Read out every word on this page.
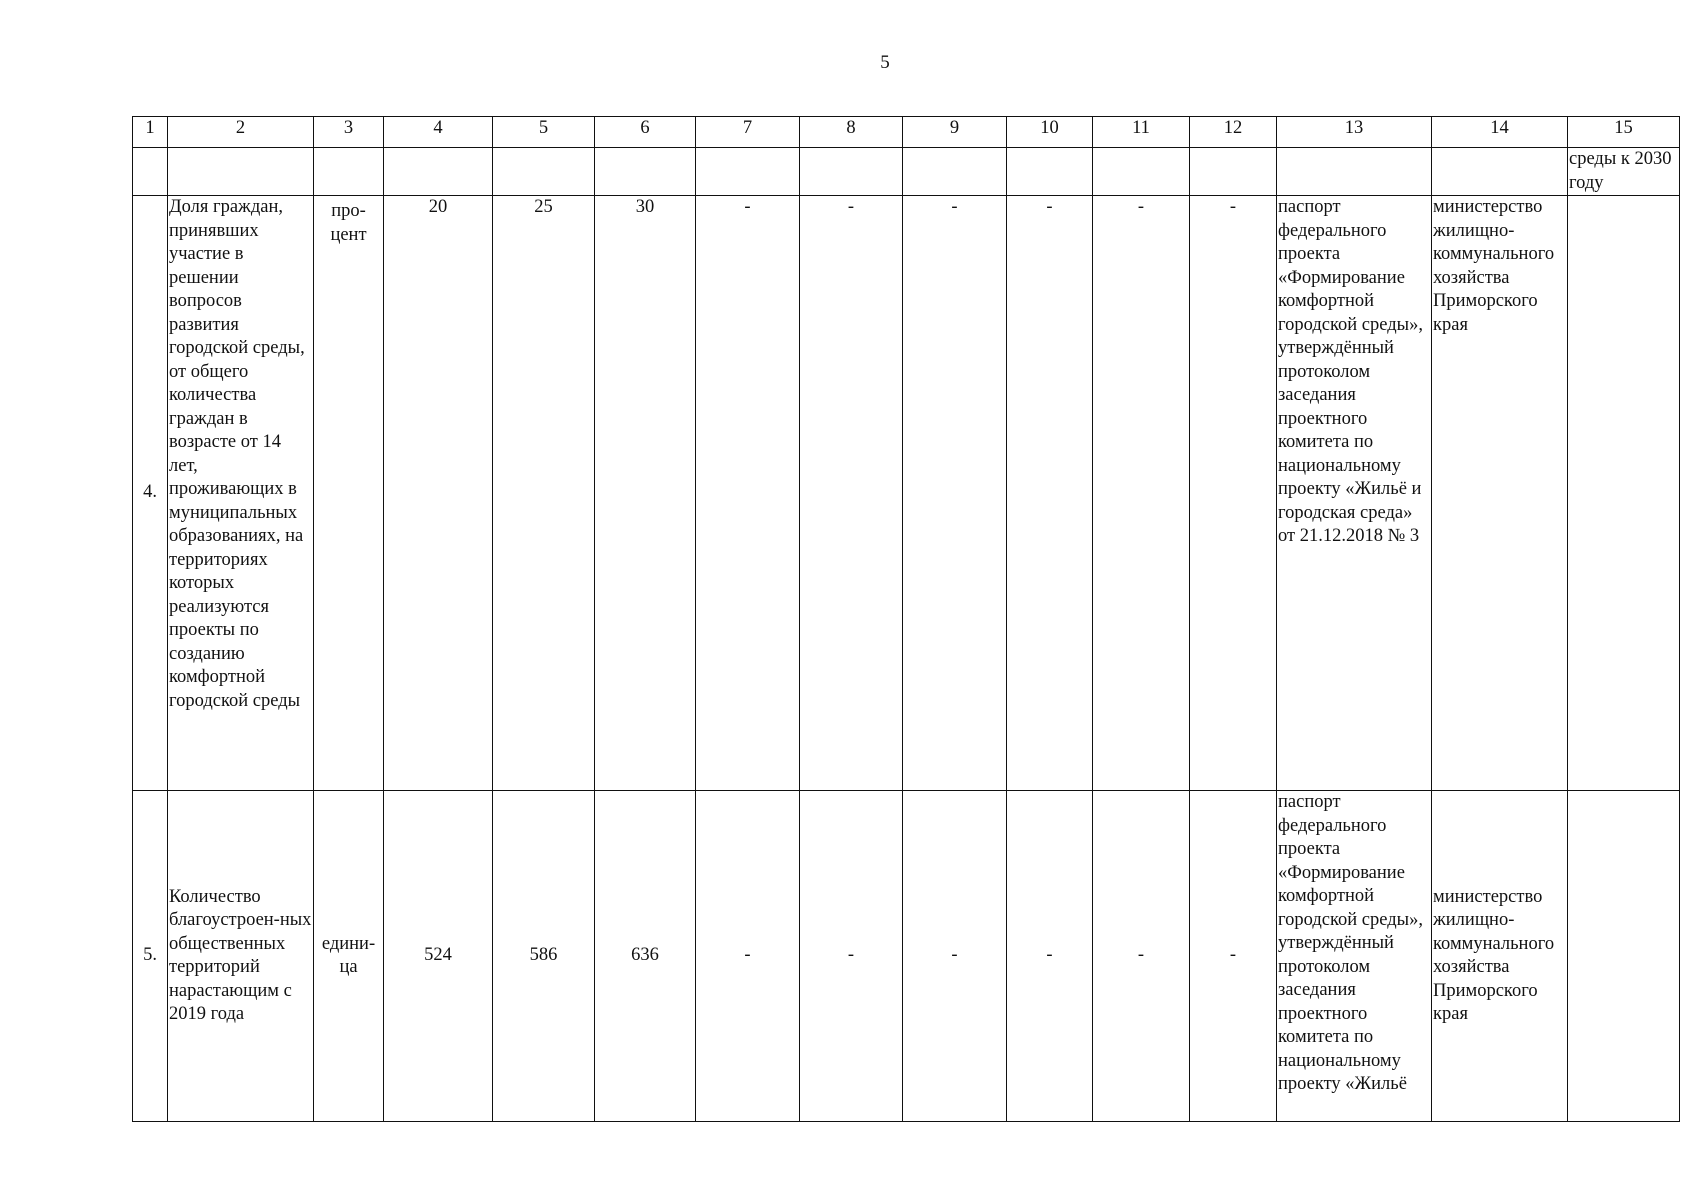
5
1	2	3	4	5	6	7	8	9	10	11	12	13	14	15
														среды к 2030 году
4.	Доля граждан, принявших участие в решении вопросов развития городской среды, от общего количества граждан в возрасте от 14 лет, проживающих в муниципальных образованиях, на территориях которых реализуются проекты по созданию комфортной городской среды	про-цент	20	25	30	-	-	-	-	-	-	паспорт федерального проекта «Формирование комфортной городской среды», утверждённый протоколом заседания проектного комитета по национальному проекту «Жильё и городская среда» от 21.12.2018 № 3	министерство жилищно-коммунального хозяйства Приморского края	
5.	Количество благоустроен-ных общественных территорий нарастающим с 2019 года	едини-ца	524	586	636	-	-	-	-	-	-	паспорт федерального проекта «Формирование комфортной городской среды», утверждённый протоколом заседания проектного комитета по национальному проекту «Жильё	министерство жилищно-коммунального хозяйства Приморского края	
